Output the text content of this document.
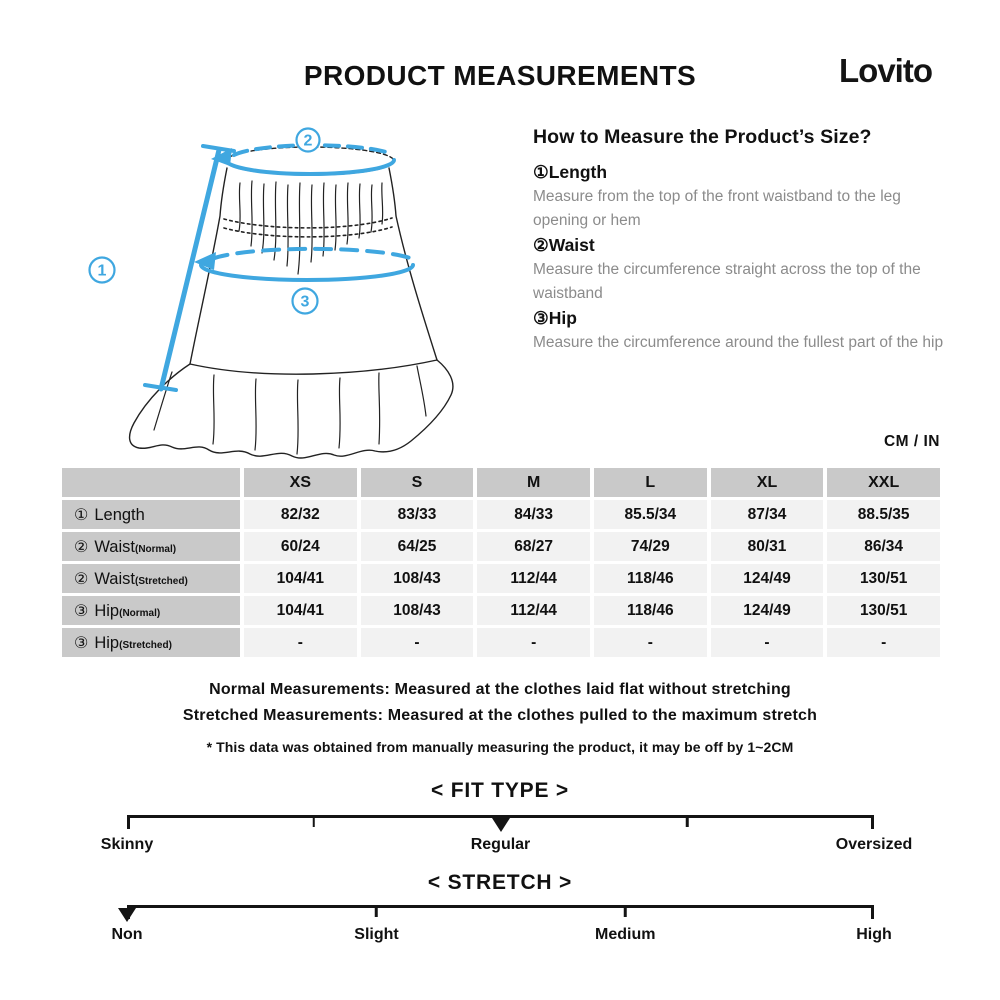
PRODUCT MEASUREMENTS	Lovito
2
1
3
How to Measure the Product’s Size?
①Length
Measure from the top of the front waistband to the leg opening or hem
②Waist
Measure the circumference straight across the top of the waistband
③Hip
Measure the circumference around the fullest part of the hip
CM / IN
XS	S	M	L	XL	XXL
① Length	82/32	83/33	84/33	85.5/34	87/34	88.5/35
② Waist (Normal)	60/24	64/25	68/27	74/29	80/31	86/34
② Waist (Stretched)	104/41	108/43	112/44	118/46	124/49	130/51
③ Hip (Normal)	104/41	108/43	112/44	118/46	124/49	130/51
③ Hip (Stretched)	-	-	-	-	-	-
Normal Measurements: Measured at the clothes laid flat without stretching
Stretched Measurements: Measured at the clothes pulled to the maximum stretch
* This data was obtained from manually measuring the product, it may be off by 1~2CM
< FIT TYPE >
Skinny	Regular	Oversized
< STRETCH >
Non	Slight	Medium	High
